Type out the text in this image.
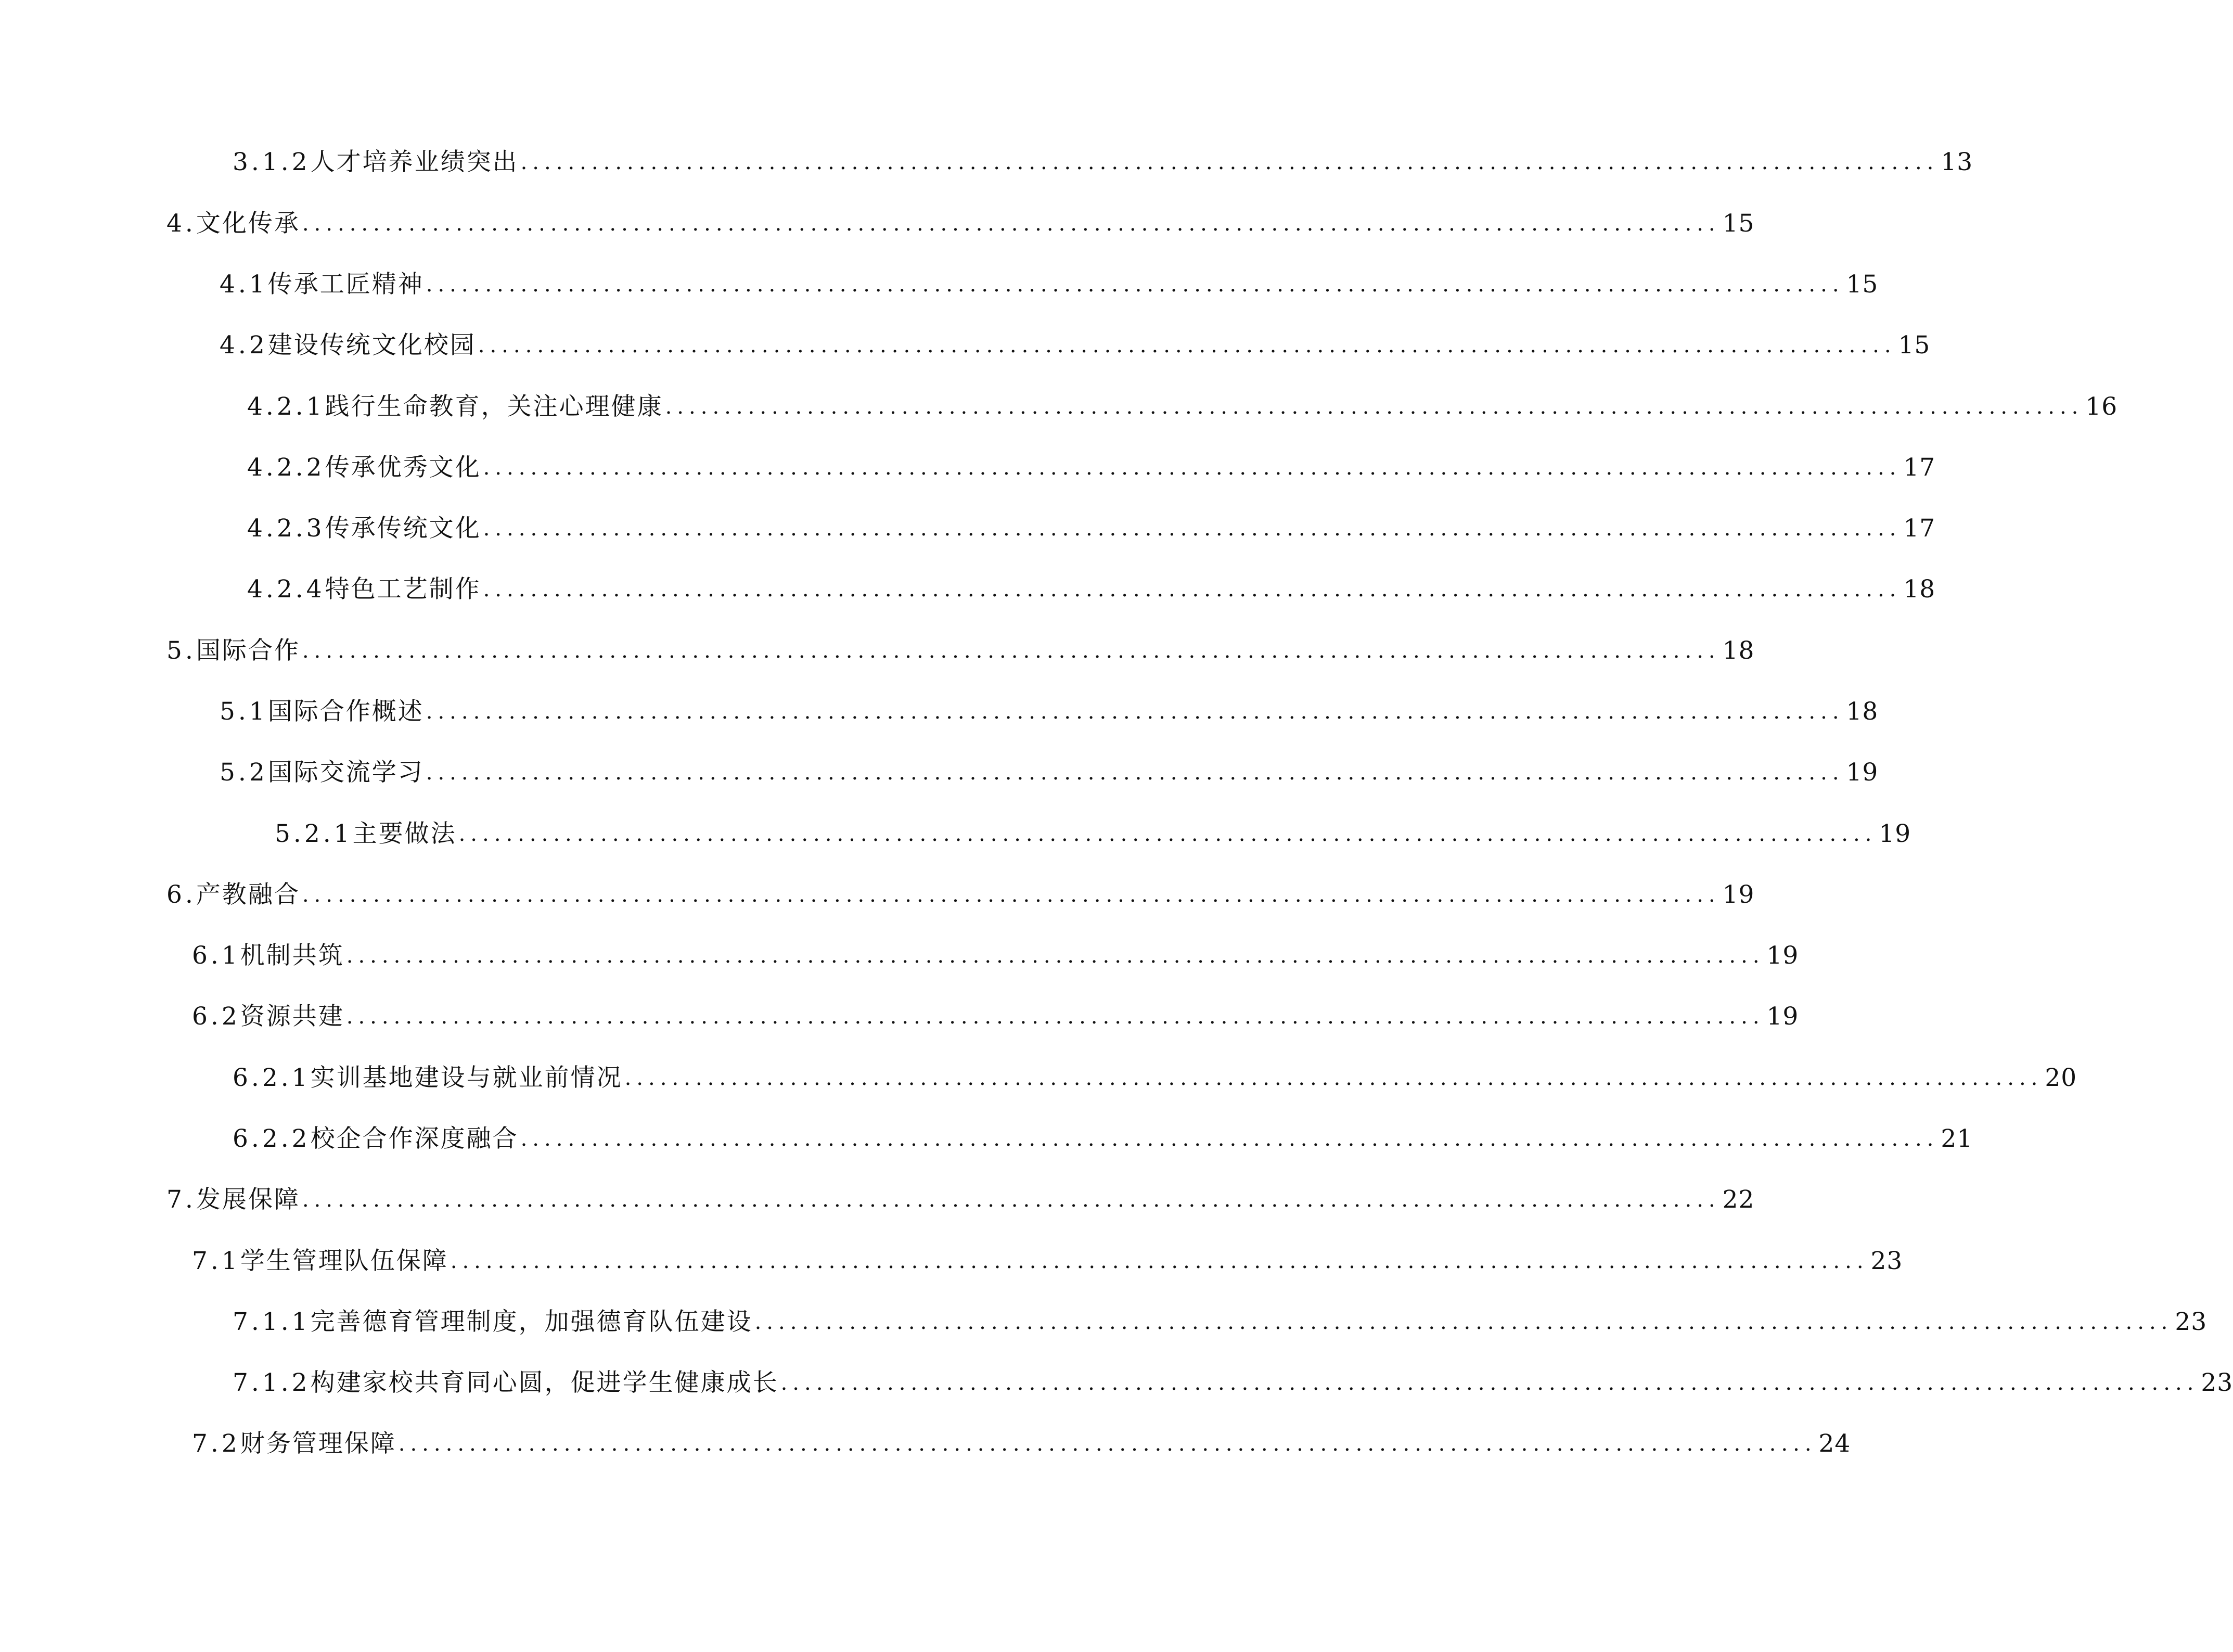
3.1.2 人才培养业绩突出 ........................................................................................................................ 13
4. 文化传承 ........................................................................................................................ 15
4.1 传承工匠精神 ........................................................................................................................ 15
4.2 建设传统文化校园 ........................................................................................................................ 15
4.2.1 践行生命教育，关注心理健康 ........................................................................................................................ 16
4.2.2 传承优秀文化 ........................................................................................................................ 17
4.2.3 传承传统文化 ........................................................................................................................ 17
4.2.4 特色工艺制作 ........................................................................................................................ 18
5. 国际合作 ........................................................................................................................ 18
5.1 国际合作概述 ........................................................................................................................ 18
5.2 国际交流学习 ........................................................................................................................ 19
5.2.1 主要做法 ........................................................................................................................ 19
6. 产教融合 ........................................................................................................................ 19
6.1 机制共筑 ........................................................................................................................ 19
6.2 资源共建 ........................................................................................................................ 19
6.2.1 实训基地建设与就业前情况 ........................................................................................................................ 20
6.2.2 校企合作深度融合 ........................................................................................................................ 21
7. 发展保障 ........................................................................................................................ 22
7.1 学生管理队伍保障 ........................................................................................................................ 23
7.1.1 完善德育管理制度，加强德育队伍建设 ........................................................................................................................ 23
7.1.2 构建家校共育同心圆，促进学生健康成长 ........................................................................................................................ 23
7.2 财务管理保障 ........................................................................................................................ 24
